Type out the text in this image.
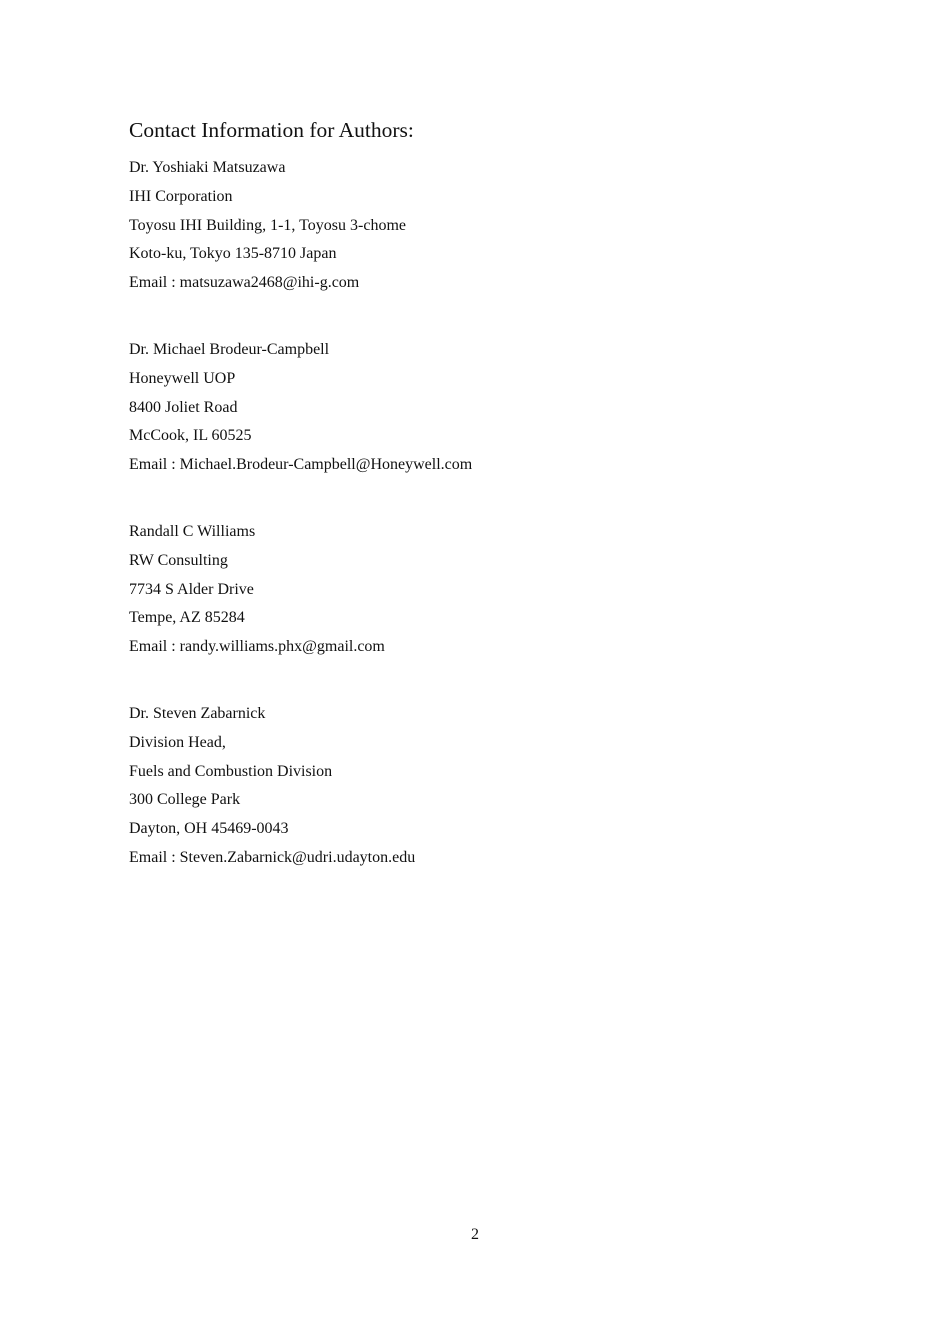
Contact Information for Authors:
Dr. Yoshiaki Matsuzawa
IHI Corporation
Toyosu IHI Building, 1-1, Toyosu 3-chome
Koto-ku, Tokyo 135-8710 Japan
Email : matsuzawa2468@ihi-g.com
Dr. Michael Brodeur-Campbell
Honeywell UOP
8400 Joliet Road
McCook, IL 60525
Email : Michael.Brodeur-Campbell@Honeywell.com
Randall C Williams
RW Consulting
7734 S Alder Drive
Tempe, AZ 85284
Email : randy.williams.phx@gmail.com
Dr. Steven Zabarnick
Division Head,
Fuels and Combustion Division
300 College Park
Dayton, OH 45469-0043
Email : Steven.Zabarnick@udri.udayton.edu
2
